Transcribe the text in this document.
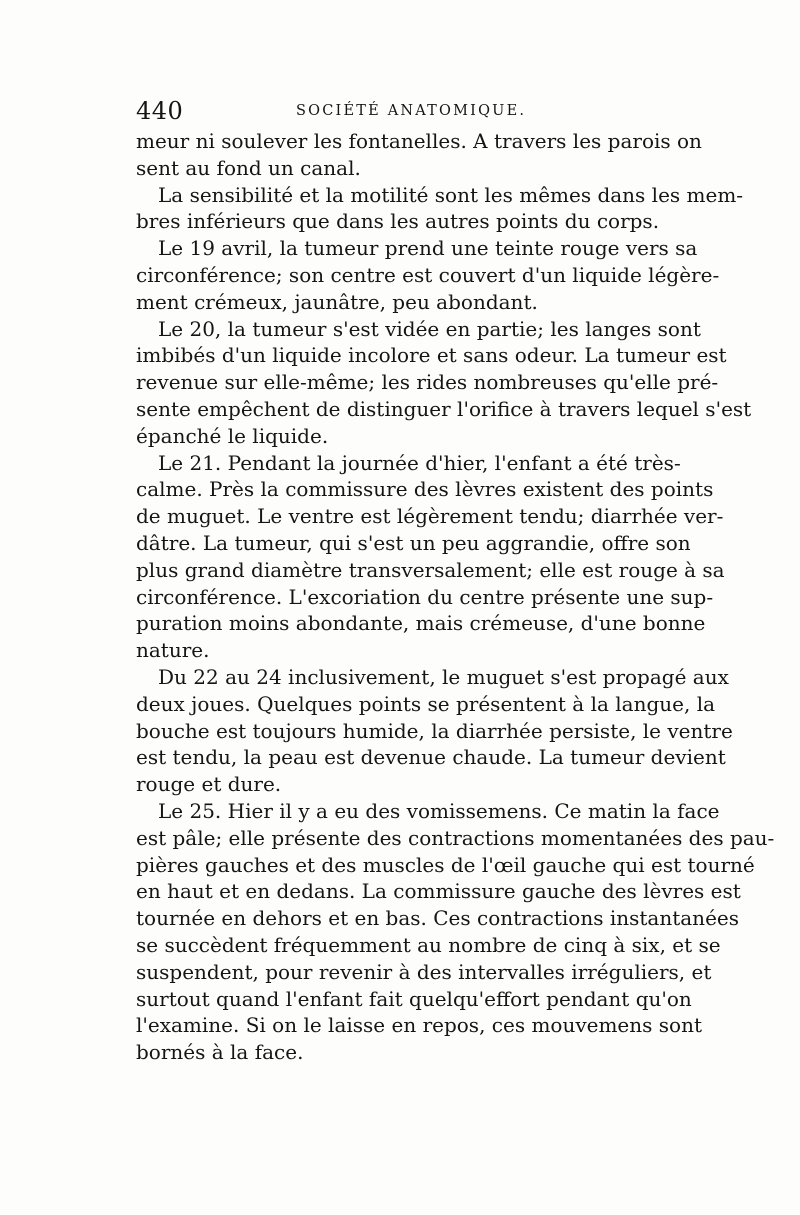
440	SOCIÉTÉ ANATOMIQUE.
meur ni soulever les fontanelles. A travers les parois on
sent au fond un canal.
La sensibilité et la motilité sont les mêmes dans les mem-
bres inférieurs que dans les autres points du corps.
Le 19 avril, la tumeur prend une teinte rouge vers sa
circonférence; son centre est couvert d'un liquide légère-
ment crémeux, jaunâtre, peu abondant.
Le 20, la tumeur s'est vidée en partie; les langes sont
imbibés d'un liquide incolore et sans odeur. La tumeur est
revenue sur elle-même; les rides nombreuses qu'elle pré-
sente empêchent de distinguer l'orifice à travers lequel s'est
épanché le liquide.
Le 21. Pendant la journée d'hier, l'enfant a été très-
calme. Près la commissure des lèvres existent des points
de muguet. Le ventre est légèrement tendu; diarrhée ver-
dâtre. La tumeur, qui s'est un peu aggrandie, offre son
plus grand diamètre transversalement; elle est rouge à sa
circonférence. L'excoriation du centre présente une sup-
puration moins abondante, mais crémeuse, d'une bonne
nature.
Du 22 au 24 inclusivement, le muguet s'est propagé aux
deux joues. Quelques points se présentent à la langue, la
bouche est toujours humide, la diarrhée persiste, le ventre
est tendu, la peau est devenue chaude. La tumeur devient
rouge et dure.
Le 25. Hier il y a eu des vomissemens. Ce matin la face
est pâle; elle présente des contractions momentanées des pau-
pières gauches et des muscles de l'œil gauche qui est tourné
en haut et en dedans. La commissure gauche des lèvres est
tournée en dehors et en bas. Ces contractions instantanées
se succèdent fréquemment au nombre de cinq à six, et se
suspendent, pour revenir à des intervalles irréguliers, et
surtout quand l'enfant fait quelqu'effort pendant qu'on
l'examine. Si on le laisse en repos, ces mouvemens sont
bornés à la face.
